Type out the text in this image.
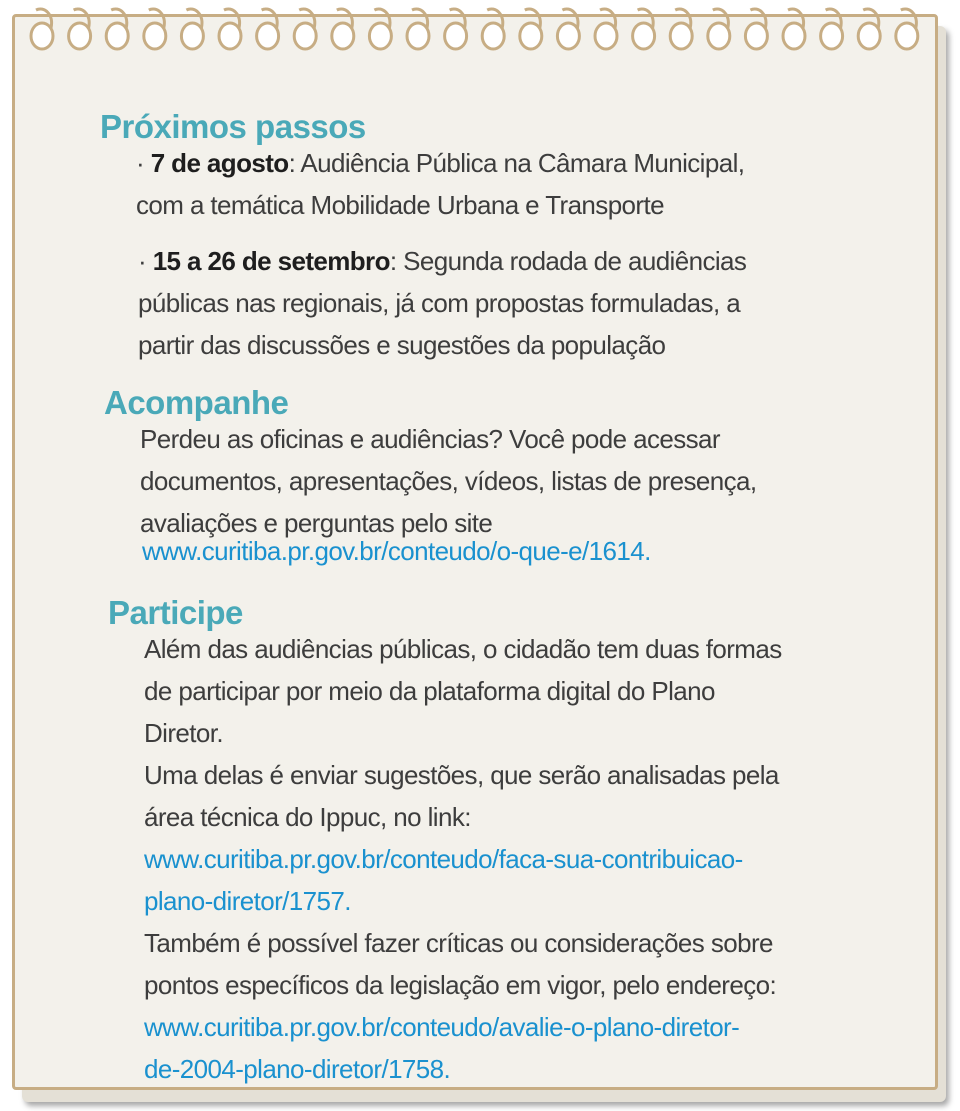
Próximos passos

· 7 de agosto: Audiência Pública na Câmara Municipal,

com a temática Mobilidade Urbana e Transporte

· 15 a 26 de setembro: Segunda rodada de audiências

públicas nas regionais, já com propostas formuladas, a

partir das discussões e sugestões da população

Acompanhe

Perdeu as oficinas e audiências? Você pode acessar

documentos, apresentações, vídeos, listas de presença,

avaliações e perguntas pelo site

www.curitiba.pr.gov.br/conteudo/o-que-e/1614.

Participe

Além das audiências públicas, o cidadão tem duas formas

de participar por meio da plataforma digital do Plano

Diretor.

Uma delas é enviar sugestões, que serão analisadas pela

área técnica do Ippuc, no link:

www.curitiba.pr.gov.br/conteudo/faca-sua-contribuicao-

plano-diretor/1757.

Também é possível fazer críticas ou considerações sobre

pontos específicos da legislação em vigor, pelo endereço:

www.curitiba.pr.gov.br/conteudo/avalie-o-plano-diretor-

de-2004-plano-diretor/1758.
